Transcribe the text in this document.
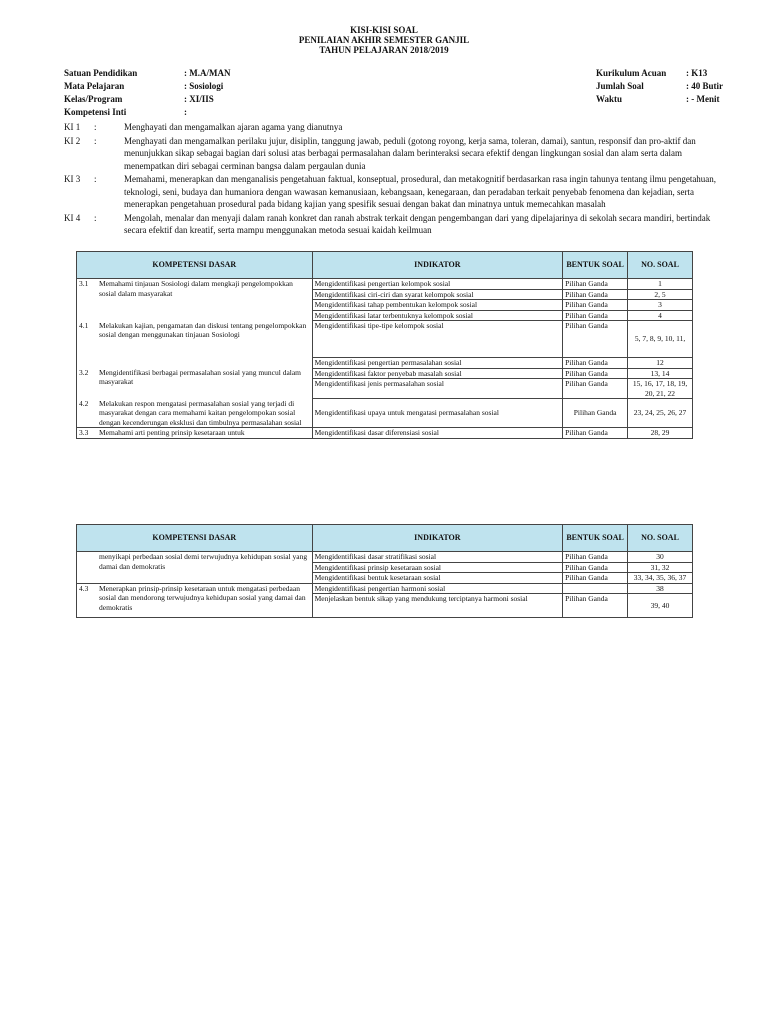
KISI-KISI SOAL
PENILAIAN AKHIR SEMESTER GANJIL
TAHUN PELAJARAN 2018/2019
Satuan Pendidikan	: M.A/MAN
Mata Pelajaran	: Sosiologi
Kelas/Program	: XI/IIS
Kompetensi Inti	:
Kurikulum Acuan	: K13
Jumlah Soal	: 40 Butir
Waktu	: - Menit
KI 1	:	Menghayati dan mengamalkan ajaran agama yang dianutnya
KI 2	:	Menghayati dan mengamalkan perilaku jujur, disiplin, tanggung jawab, peduli (gotong royong, kerja sama, toleran, damai), santun, responsif dan pro-aktif dan menunjukkan sikap sebagai bagian dari solusi atas berbagai permasalahan dalam berinteraksi secara efektif dengan lingkungan sosial dan alam serta dalam menempatkan diri sebagai cerminan bangsa dalam pergaulan dunia
KI 3	:	Memahami, menerapkan dan menganalisis pengetahuan faktual, konseptual, prosedural, dan metakognitif berdasarkan rasa ingin tahunya tentang ilmu pengetahuan, teknologi, seni, budaya dan humaniora dengan wawasan kemanusiaan, kebangsaan, kenegaraan, dan peradaban terkait penyebab fenomena dan kejadian, serta menerapkan pengetahuan prosedural pada bidang kajian yang spesifik sesuai dengan bakat dan minatnya untuk memecahkan masalah
KI 4	:	Mengolah, menalar dan menyaji dalam ranah konkret dan ranah abstrak terkait dengan pengembangan dari yang dipelajarinya di sekolah secara mandiri, bertindak secara efektif dan kreatif, serta mampu menggunakan metoda sesuai kaidah keilmuan
KOMPETENSI DASAR	INDIKATOR	BENTUK SOAL	NO. SOAL

3.1 Memahami tinjauan Sosiologi dalam mengkaji pengelompokkan sosial dalam masyarakat	Mengidentifikasi pengertian kelompok sosial	Pilihan Ganda	1
	Mengidentifikasi ciri-ciri dan syarat kelompok sosial	Pilihan Ganda	2, 5
	Mengidentifikasi tahap pembentukan kelompok sosial	Pilihan Ganda	3
	Mengidentifikasi latar terbentuknya kelompok sosial	Pilihan Ganda	4

4.1 Melakukan kajian, pengamatan dan diskusi tentang pengelompokkan sosial dengan menggunakan tinjauan Sosiologi	Mengidentifikasi tipe-tipe kelompok sosial	Pilihan Ganda	5, 7, 8, 9, 10, 11,

3.2 Mengidentifikasi berbagai permasalahan sosial yang muncul dalam masyarakat	Mengidentifikasi pengertian permasalahan sosial	Pilihan Ganda	12
	Mengidentifikasi faktor penyebab masalah sosial	Pilihan Ganda	13, 14
	Mengidentifikasi jenis permasalahan sosial	Pilihan Ganda	15, 16, 17, 18, 19, 20, 21, 22

4.2 Melakukan respon mengatasi permasalahan sosial yang terjadi di masyarakat dengan cara memahami kaitan pengelompokan sosial dengan kecenderungan eksklusi dan timbulnya permasalahan sosial	Mengidentifikasi upaya untuk mengatasi permasalahan sosial	Pilihan Ganda	23, 24, 25, 26, 27

3.3 Memahami arti penting prinsip kesetaraan untuk	Mengidentifikasi dasar diferensiasi sosial	Pilihan Ganda	28, 29
KOMPETENSI DASAR	INDIKATOR	BENTUK SOAL	NO. SOAL

menyikapi perbedaan sosial demi terwujudnya kehidupan sosial yang damai dan demokratis	Mengidentifikasi dasar stratifikasi sosial	Pilihan Ganda	30
	Mengidentifikasi prinsip kesetaraan sosial	Pilihan Ganda	31, 32
	Mengidentifikasi bentuk kesetaraan sosial	Pilihan Ganda	33, 34, 35, 36, 37

4.3 Menerapkan prinsip-prinsip kesetaraan untuk mengatasi perbedaan sosial dan mendorong terwujudnya kehidupan sosial yang damai dan demokratis	Mengidentifikasi pengertian harmoni sosial		38
	Menjelaskan bentuk sikap yang mendukung terciptanya harmoni sosial	Pilihan Ganda	39, 40
